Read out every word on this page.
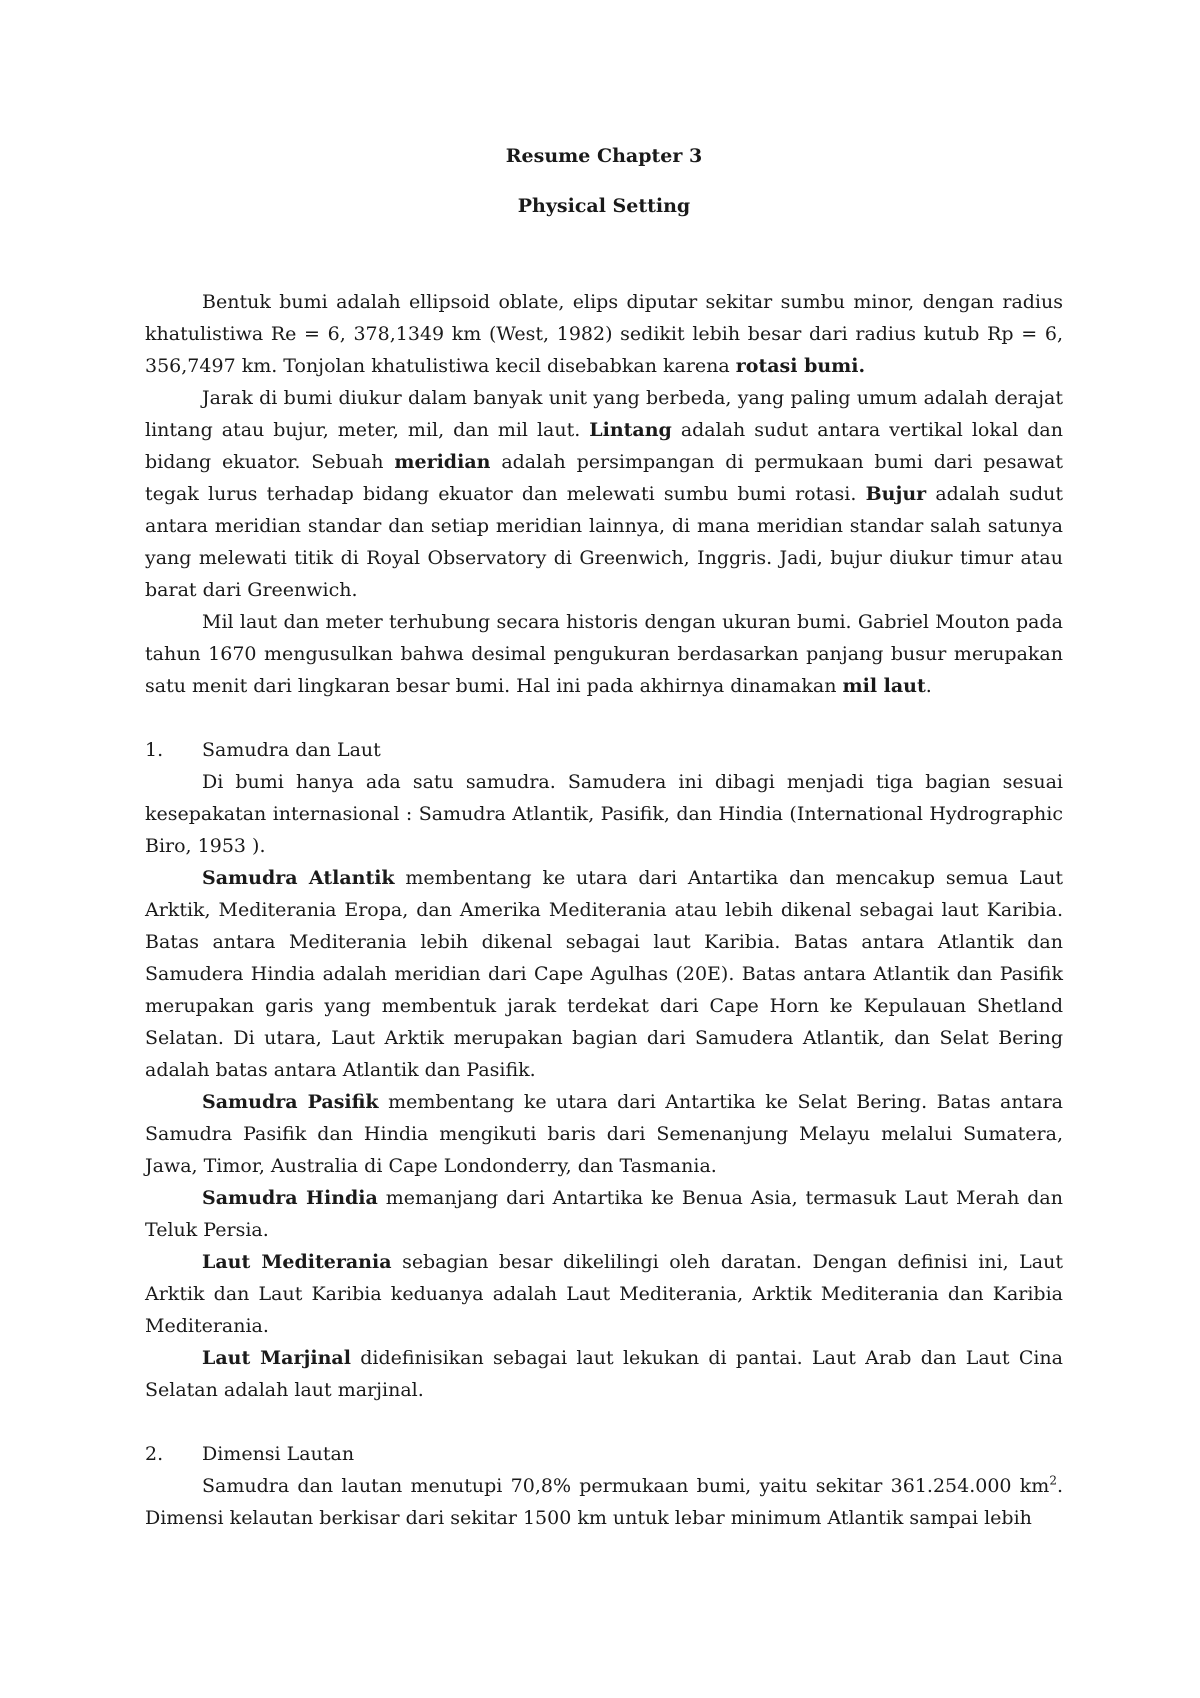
Resume Chapter 3
Physical Setting

Bentuk bumi adalah ellipsoid oblate, elips diputar sekitar sumbu minor, dengan radius khatulistiwa Re = 6, 378,1349 km (West, 1982) sedikit lebih besar dari radius kutub Rp = 6, 356,7497 km. Tonjolan khatulistiwa kecil disebabkan karena rotasi bumi.

Jarak di bumi diukur dalam banyak unit yang berbeda, yang paling umum adalah derajat lintang atau bujur, meter, mil, dan mil laut. Lintang adalah sudut antara vertikal lokal dan bidang ekuator. Sebuah meridian adalah persimpangan di permukaan bumi dari pesawat tegak lurus terhadap bidang ekuator dan melewati sumbu bumi rotasi. Bujur adalah sudut antara meridian standar dan setiap meridian lainnya, di mana meridian standar salah satunya yang melewati titik di Royal Observatory di Greenwich, Inggris. Jadi, bujur diukur timur atau barat dari Greenwich.

Mil laut dan meter terhubung secara historis dengan ukuran bumi. Gabriel Mouton pada tahun 1670 mengusulkan bahwa desimal pengukuran berdasarkan panjang busur merupakan satu menit dari lingkaran besar bumi. Hal ini pada akhirnya dinamakan mil laut.

1.	Samudra dan Laut

Di bumi hanya ada satu samudra. Samudera ini dibagi menjadi tiga bagian sesuai kesepakatan internasional : Samudra Atlantik, Pasifik, dan Hindia (International Hydrographic Biro, 1953 ).

Samudra Atlantik membentang ke utara dari Antartika dan mencakup semua Laut Arktik, Mediterania Eropa, dan Amerika Mediterania atau lebih dikenal sebagai laut Karibia. Batas antara Mediterania lebih dikenal sebagai laut Karibia. Batas antara Atlantik dan Samudera Hindia adalah meridian dari Cape Agulhas (20E). Batas antara Atlantik dan Pasifik merupakan garis yang membentuk jarak terdekat dari Cape Horn ke Kepulauan Shetland Selatan. Di utara, Laut Arktik merupakan bagian dari Samudera Atlantik, dan Selat Bering adalah batas antara Atlantik dan Pasifik.

Samudra Pasifik membentang ke utara dari Antartika ke Selat Bering. Batas antara Samudra Pasifik dan Hindia mengikuti baris dari Semenanjung Melayu melalui Sumatera, Jawa, Timor, Australia di Cape Londonderry, dan Tasmania.

Samudra Hindia memanjang dari Antartika ke Benua Asia, termasuk Laut Merah dan Teluk Persia.

Laut Mediterania sebagian besar dikelilingi oleh daratan. Dengan definisi ini, Laut Arktik dan Laut Karibia keduanya adalah Laut Mediterania, Arktik Mediterania dan Karibia Mediterania.

Laut Marjinal didefinisikan sebagai laut lekukan di pantai. Laut Arab dan Laut Cina Selatan adalah laut marjinal.

2.	Dimensi Lautan

Samudra dan lautan menutupi 70,8% permukaan bumi, yaitu sekitar 361.254.000 $km^2$. Dimensi kelautan berkisar dari sekitar 1500 km untuk lebar minimum Atlantik sampai lebih
